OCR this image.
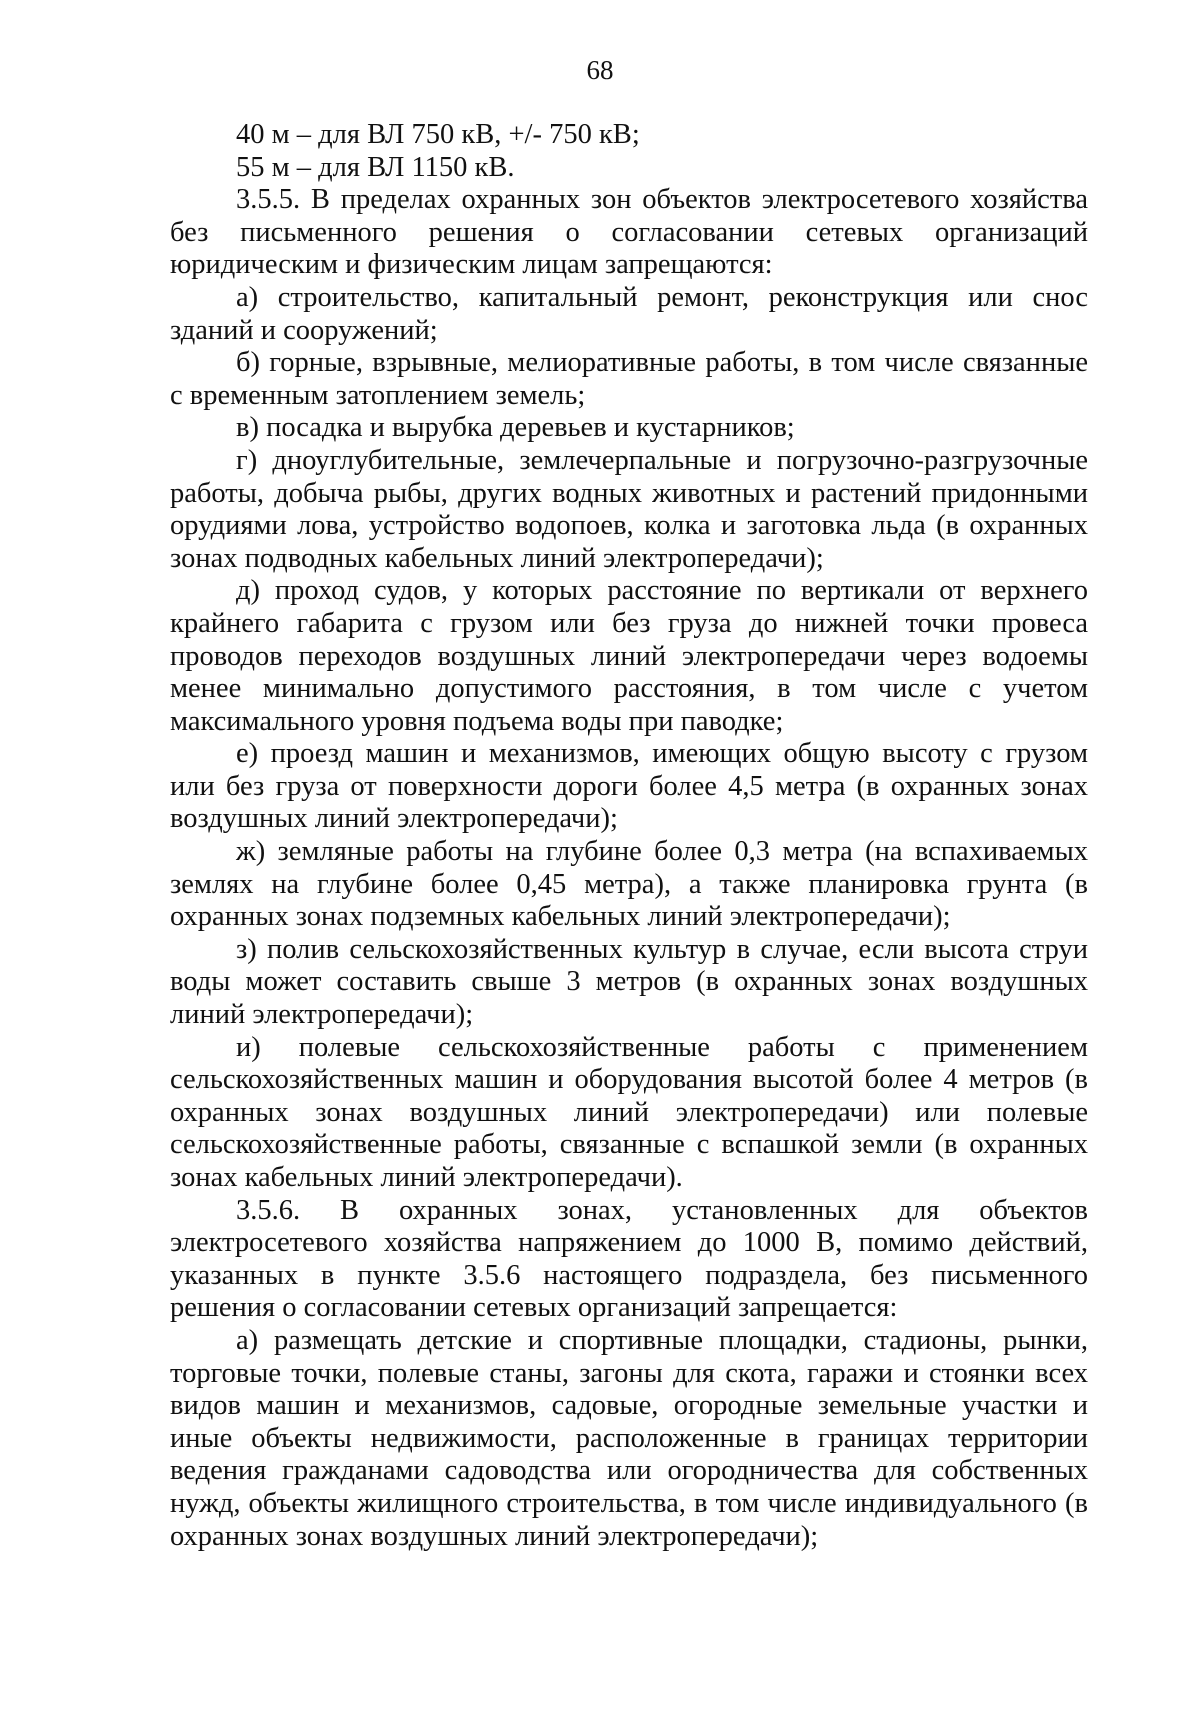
68

40 м – для ВЛ 750 кВ, +/- 750 кВ;

55 м – для ВЛ 1150 кВ.

3.5.5. В пределах охранных зон объектов электросетевого хозяйства без письменного решения о согласовании сетевых организаций юридическим и физическим лицам запрещаются:

а) строительство, капитальный ремонт, реконструкция или снос зданий и сооружений;

б) горные, взрывные, мелиоративные работы, в том числе связанные с временным затоплением земель;

в) посадка и вырубка деревьев и кустарников;

г) дноуглубительные, землечерпальные и погрузочно-разгрузочные работы, добыча рыбы, других водных животных и растений придонными орудиями лова, устройство водопоев, колка и заготовка льда (в охранных зонах подводных кабельных линий электропередачи);

д) проход судов, у которых расстояние по вертикали от верхнего крайнего габарита с грузом или без груза до нижней точки провеса проводов переходов воздушных линий электропередачи через водоемы менее минимально допустимого расстояния, в том числе с учетом максимального уровня подъема воды при паводке;

е) проезд машин и механизмов, имеющих общую высоту с грузом или без груза от поверхности дороги более 4,5 метра (в охранных зонах воздушных линий электропередачи);

ж) земляные работы на глубине более 0,3 метра (на вспахиваемых землях на глубине более 0,45 метра), а также планировка грунта (в охранных зонах подземных кабельных линий электропередачи);

з) полив сельскохозяйственных культур в случае, если высота струи воды может составить свыше 3 метров (в охранных зонах воздушных линий электропередачи);

и) полевые сельскохозяйственные работы с применением сельскохозяйственных машин и оборудования высотой более 4 метров (в охранных зонах воздушных линий электропередачи) или полевые сельскохозяйственные работы, связанные с вспашкой земли (в охранных зонах кабельных линий электропередачи).

3.5.6. В охранных зонах, установленных для объектов электросетевого хозяйства напряжением до 1000 В, помимо действий, указанных в пункте 3.5.6 настоящего подраздела, без письменного решения о согласовании сетевых организаций запрещается:

а) размещать детские и спортивные площадки, стадионы, рынки, торговые точки, полевые станы, загоны для скота, гаражи и стоянки всех видов машин и механизмов, садовые, огородные земельные участки и иные объекты недвижимости, расположенные в границах территории ведения гражданами садоводства или огородничества для собственных нужд, объекты жилищного строительства, в том числе индивидуального (в охранных зонах воздушных линий электропередачи);
